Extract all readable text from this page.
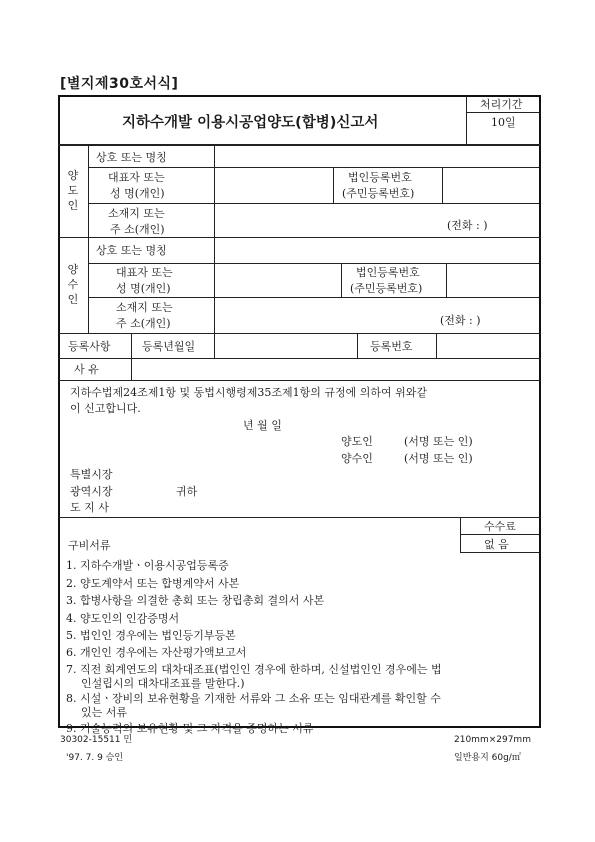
[별지제30호서식]
지하수개발 이용시공업양도(합병)신고서
처리기간
10일
양
도
인
상호 또는 명칭
대표자 또는
성 명(개인)
법인등록번호
(주민등록번호)
소재지 또는
주 소(개인)	(전화 : )
양
수
인
상호 또는 명칭
대표자 또는
성 명(개인)
법인등록번호
(주민등록번호)
소재지 또는
주 소(개인)	(전화 : )
등록사항	등록년월일	등록번호
사 유
지하수법제24조제1항 및 동법시행령제35조제1항의 규정에 의하여 위와같
이 신고합니다.
년 월 일
양도인	(서명 또는 인)
양수인	(서명 또는 인)
특별시장
광역시장
도 지 사
귀하
수수료
없 음
구비서류
1. 지하수개발ㆍ이용시공업등록증
2. 양도계약서 또는 합병계약서 사본
3. 합병사항을 의결한 총회 또는 창립총회 결의서 사본
4. 양도인의 인감증명서
5. 법인인 경우에는 법인등기부등본
6. 개인인 경우에는 자산평가액보고서
7. 직전 회계연도의 대차대조표(법인인 경우에 한하며, 신설법인인 경우에는 법
인설립시의 대차대조표를 말한다.)
8. 시설ㆍ장비의 보유현황을 기재한 서류와 그 소유 또는 임대관계를 확인할 수
있는 서류
9. 기술능력의 보유현황 및 그 자격을 증명하는 서류
30302-15511 민
'97. 7. 9 승인
210mm×297mm
일반용지 60g/㎡
